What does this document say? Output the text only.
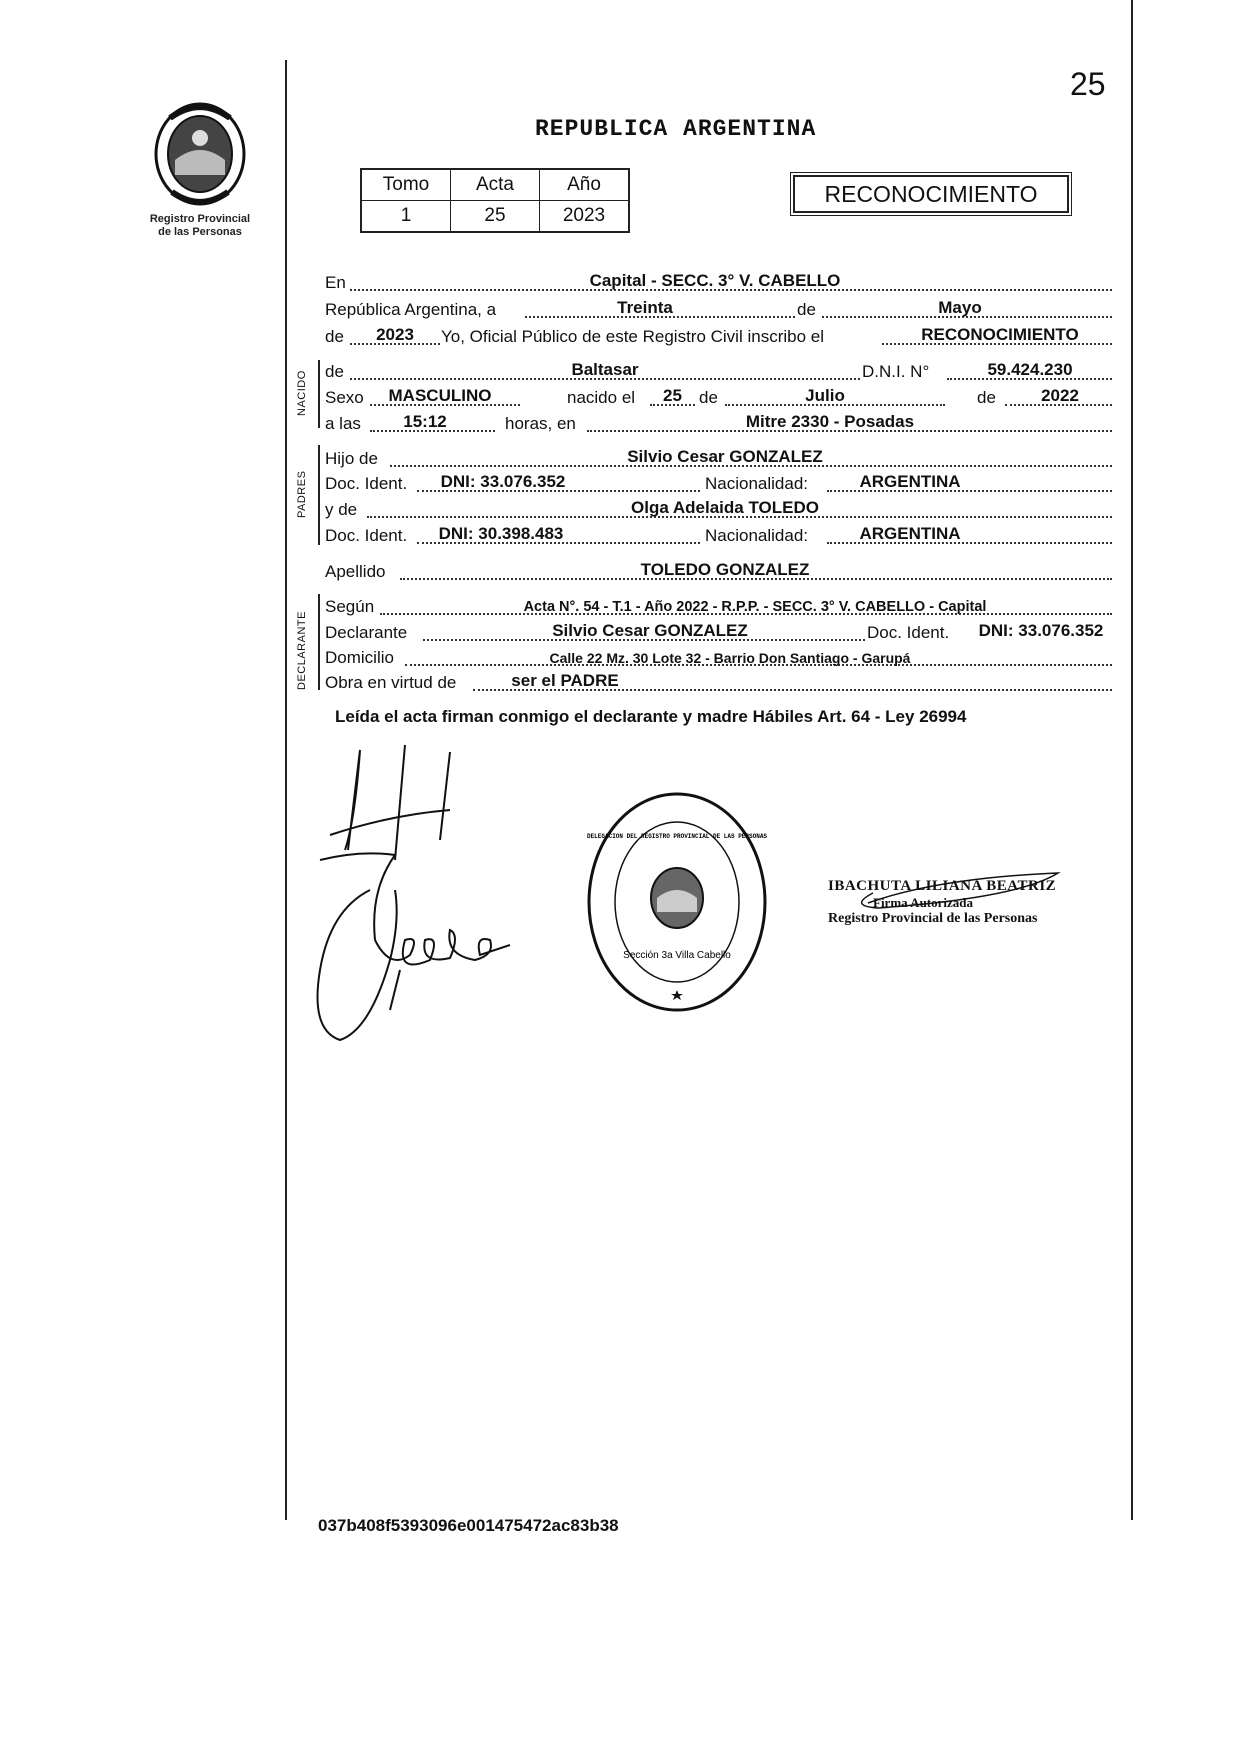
Registro Provincial
de las Personas
25
REPUBLICA ARGENTINA
Tomo	Acta	Año
1	25	2023
RECONOCIMIENTO
NACIDO
PADRES
DECLARANTE
En	Capital - SECC. 3° V. CABELLO
República Argentina, a	Treinta	de	Mayo
de	2023	Yo, Oficial Público de este Registro Civil inscribo el	RECONOCIMIENTO
de	Baltasar	D.N.I. N°	59.424.230
Sexo	MASCULINO	nacido el	25	de	Julio	de	2022
a las	15:12	horas, en	Mitre 2330 - Posadas
Hijo de	Silvio Cesar GONZALEZ
Doc. Ident.	DNI: 33.076.352	Nacionalidad:	ARGENTINA
y de	Olga Adelaida TOLEDO
Doc. Ident.	DNI: 30.398.483	Nacionalidad:	ARGENTINA
Apellido	TOLEDO GONZALEZ
Según	Acta N°. 54 - T.1 - Año 2022 - R.P.P. - SECC. 3° V. CABELLO - Capital
Declarante	Silvio Cesar GONZALEZ	Doc. Ident.	DNI: 33.076.352
Domicilio	Calle 22 Mz. 30 Lote 32 - Barrio Don Santiago - Garupá
Obra en virtud de	ser el PADRE
Leída el acta firman conmigo el declarante y madre Hábiles Art. 64 - Ley 26994
DELEGACION DEL REGISTRO PROVINCIAL DE LAS PERSONAS
Sección 3a Villa Cabello
IBACHUTA LILIANA BEATRIZ
Firma Autorizada
Registro Provincial de las Personas
037b408f5393096e001475472ac83b38
